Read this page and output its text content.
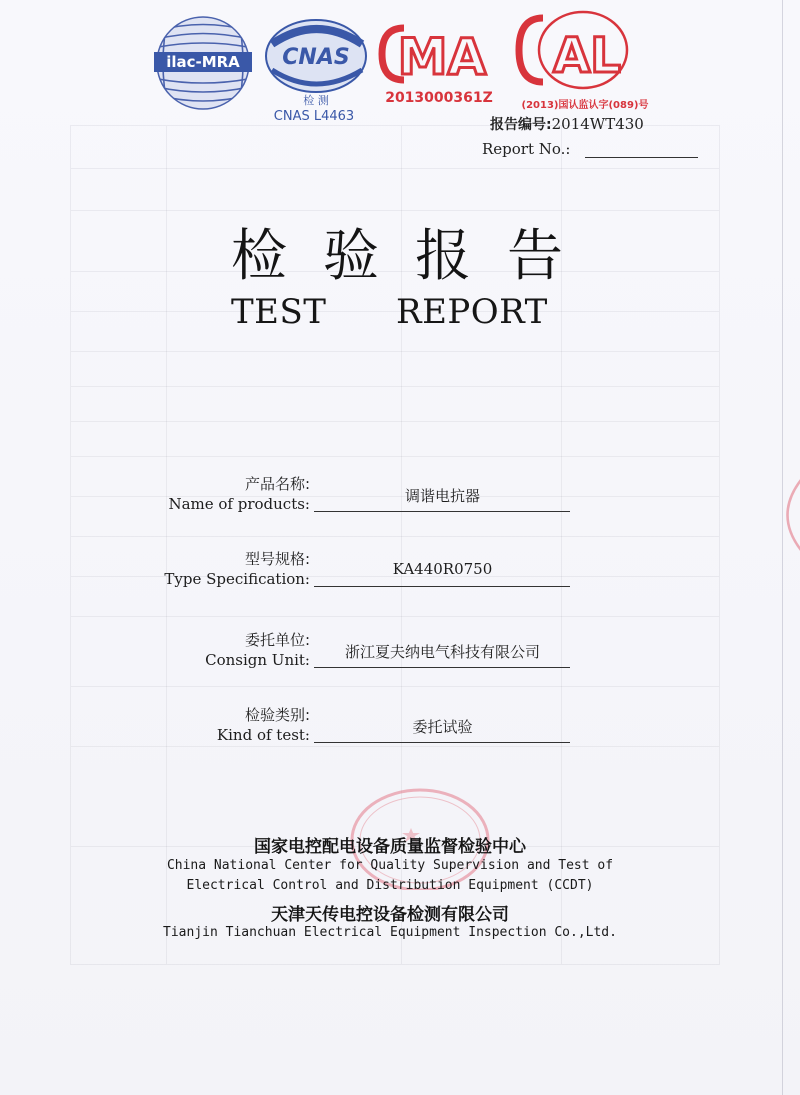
ilac-MRA CNAS
检 测
CNAS L4463
MA
2013000361Z
AL
(2013)国认监认字(089)号
报告编号:2014WT430
Report No.:
检验报告
TEST REPORT
产品名称:
Name of products:	调谐电抗器
型号规格:
Type Specification:
KA440R0750
委托单位:
Consign Unit:	浙江夏夫纳电气科技有限公司
检验类别:
Kind of test:	委托试验
国家电控配电设备质量监督检验中心
China National Center for Quality Supervision and Test of
Electrical Control and Distribution Equipment (CCDT)
天津天传电控设备检测有限公司
Tianjin Tianchuan Electrical Equipment Inspection Co.,Ltd.
